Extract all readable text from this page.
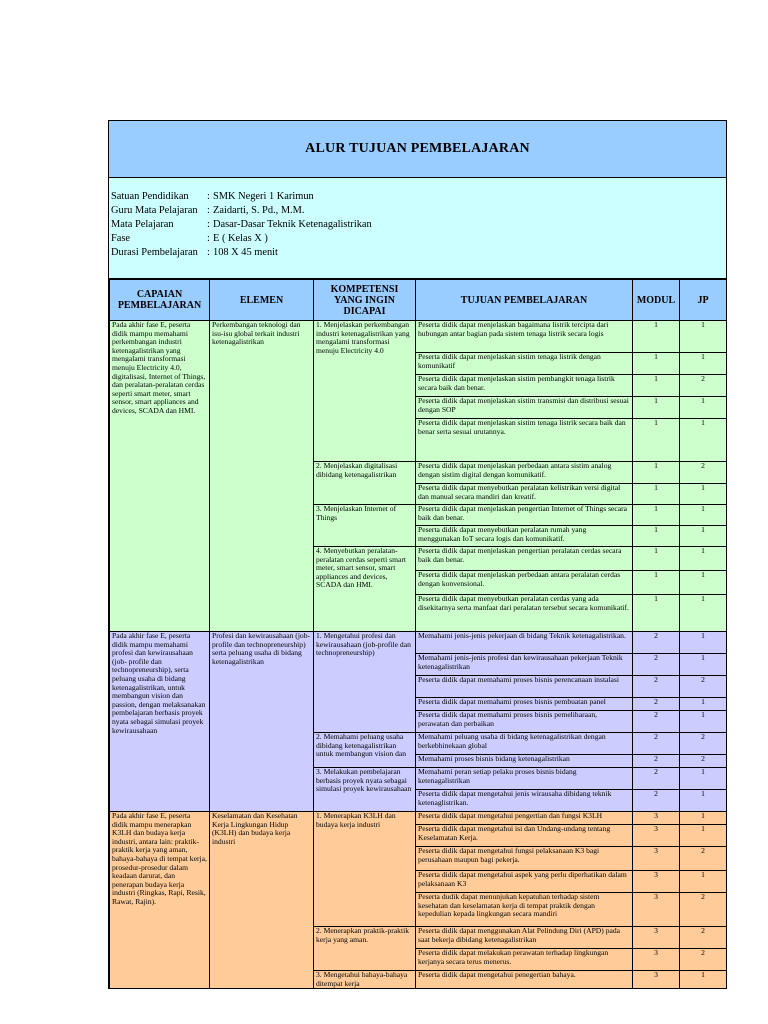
ALUR TUJUAN PEMBELAJARAN
Satuan Pendidikan : SMK Negeri 1 Karimun
Guru Mata Pelajaran : Zaidarti, S. Pd., M.M.
Mata Pelajaran	: Dasar-Dasar Teknik Ketenagalistrikan
Fase	: E ( Kelas X )
Durasi Pembelajaran : 108 X 45 menit
CAPAIAN PEMBELAJARAN	ELEMEN	KOMPETENSI YANG INGIN DICAPAI	TUJUAN PEMBELAJARAN	MODUL	JP
Pada akhir fase E, peserta didik mampu memahami perkembangan industri ketenagalistrikan yang mengalami transformasi menuju Electricity 4.0, digitalisasi, Internet of Things, dan peralatan-peralatan cerdas seperti smart meter, smart sensor, smart appliances and devices, SCADA dan HMI.	Perkembangan teknologi dan isu-isu global terkait industri ketenagalistrikan	1. Menjelaskan perkembangan industri ketenagalistrikan yang mengalami transformasi menuju Electricity 4.0	Peserta didik dapat menjelaskan bagaimana listrik tercipta dari hubungan antar bagian pada sistem tenaga listrik secara logis	1	1
			Peserta didik dapat menjelaskan sistim tenaga listrik dengan komunikatif	1	1
			Peserta didik dapat menjelaskan sistim pembangkit tenaga listrik secara baik dan benar.	1	2
			Peserta didik dapat menjelaskan sistim transmisi dan distribusi sesuai dengan SOP	1	1
			Peserta didik dapat menjelaskan sistim tenaga listrik secara baik dan benar serta sesuai urutannya.	1	1
		2. Menjelaskan digitalisasi dibidang ketenagalistrikan	Peserta didik dapat menjelaskan perbedaan antara sistim analog dengan sistim digital dengan komunikatif.	1	2
			Peserta didik dapat menyebutkan peralatan kelistrikan versi digital dan manual secara mandiri dan kreatif.	1	1
		3. Menjelaskan Internet of Things	Peserta didik dapat menjelaskan pengertian Internet of Things secara baik dan benar.	1	1
			Peserta didik dapat menyebutkan peralatan rumah yang menggunakan IoT secara logis dan komunikatif.	1	1
		4. Menyebutkan peralatan-peralatan cerdas seperti smart meter, smart sensor, smart appliances and devices, SCADA dan HMI.	Peserta didik dapat menjelaskan pengertian peralatan cerdas secara baik dan benar.	1	1
			Peserta didik dapat menjelaskan perbedaan antara peralatan cerdas dengan konvensional.	1	1
			Peserta didik dapat menyebutkan peralatan cerdas yang ada disekitarnya serta manfaat dari peralatan tersebut secara komunikatif.	1	1
Pada akhir fase E, peserta didik mampu memahami profesi dan kewirausahaan (job- profile dan technopreneurship), serta peluang usaha di bidang ketenagalistrikan, untuk membangun vision dan passion, dengan melaksanakan pembelajaran berbasis proyek nyata sebagai simulasi proyek kewirausahaan	Profesi dan kewirausahaan (job-profile dan technopreneurship) serta peluang usaha di bidang ketenagalistrikan	1. Mengetahui profesi dan kewirausahaan (job-profile dan technopreneurship)	Memahami jenis-jenis pekerjaan di bidang Teknik ketenagalistrikan.	2	1
			Memahami jenis-jenis profesi dan kewirausahaan pekerjaan Teknik ketenagalistrikan	2	1
			Peserta didik dapat memahami proses bisnis perencanaan instalasi	2	2
			Peserta didik dapat memahami proses bisnis pembuatan panel	2	1
			Peserta didik dapat memahami proses bisnis pemeliharaan, perawatan dan perbaikan	2	1
		2. Memahami peluang usaha dibidang ketenagalistrikan untuk membangun vision dan	Memahami peluang usaha di bidang ketenagalistrikan dengan berkebhinekaan global	2	2
			Memahami proses bisnis bidang ketenagalistrikan	2	2
		3. Melakukan pembelajaran berbasis proyek nyata sebagai simulasi proyek kewirausahaan	Memahami peran setiap pelaku proses bisnis bidang ketenagalistrikan	2	1
			Peserta didik dapat mengetahui jenis wirausaha dibidang teknik ketenaglistrikan.	2	1
Pada akhir fase E, peserta didik mampu menerapkan K3LH dan budaya kerja industri, antara lain: praktik-praktik kerja yang aman, bahaya-bahaya di tempat kerja, prosedur-prosedur dalam keadaan darurat, dan penerapan budaya kerja industri (Ringkas, Rapi, Resik, Rawat, Rajin).	Keselamatan dan Kesehatan Kerja Lingkungan Hidup (K3LH) dan budaya kerja industri	1. Menerapkan K3LH dan budaya kerja industri	Peserta didik dapat mengetahui pengertian dan fungsi K3LH	3	1
			Peserta didik dapat mengetahui isi dan Undang-undang tentang Keselamatan Kerja.	3	1
			Peserta didik dapat mengetahui fungsi pelaksanaan K3 bagi perusahaan maupun bagi pekerja.	3	2
			Peserta didik dapat mengetahui aspek yang perlu diperhatikan dalam pelaksanaan K3	3	1
			Peserta dudik dapat menunjukan kepatuhan terhadap sistem kesehatan dan keselamatan kerja di tempat praktik dengan kepedulian kepada lingkungan secara mandiri	3	2
		2. Menerapkan praktik-praktik kerja yang aman.	Peserta didik dapat menggunakan Alat Pelindung Diri (APD) pada saat bekerja dibidang ketenagalistrikan	3	2
			Peserta didik dapat melakukan perawatan terhadap lingkungan kerjanya secara terus menerus.	3	2
		3. Mengetahui bahaya-bahaya ditempat kerja	Peserta didik dapat mengetahui penegertian bahaya.	3	1
